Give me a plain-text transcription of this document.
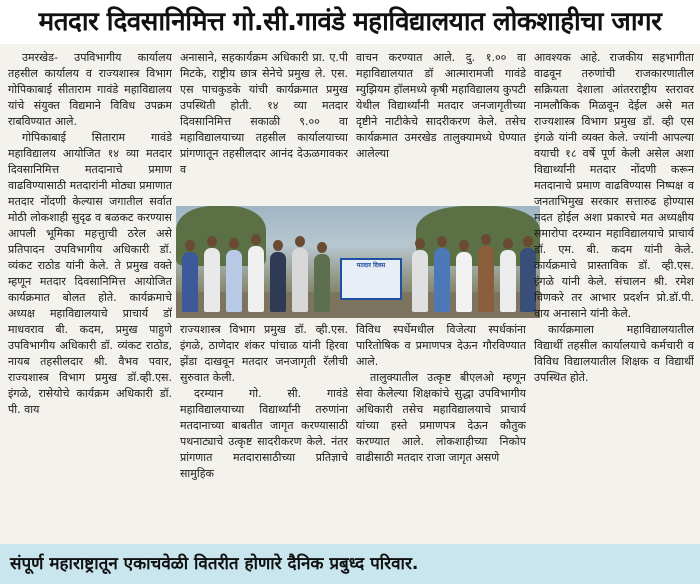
मतदार दिवसानिमित्त गो.सी.गावंडे महाविद्यालयात लोकशाहीचा जागर

उमरखेड- उपविभागीय कार्यालय तहसील कार्यालय व राज्यशास्त्र विभाग गोपिकाबाई सीताराम गावंडे महाविद्यालय यांचे संयुक्त विद्यमाने विविध उपक्रम राबविण्यात आले.

गोपिकाबाई सिताराम गावंडे महाविद्यालय आयोजित १४ व्या मतदार दिवसानिमित्त मतदानाचे प्रमाण वाढविण्यासाठी मतदारांनी मोठ्या प्रमाणात मतदार नोंदणी केल्यास जगातील सर्वात मोठी लोकशाही सुदृढ व बळकट करण्यास आपली भूमिका महत्तुाची ठरेल असे प्रतिपादन उपविभागीय अधिकारी डॉ. व्यंकट राठोड यांनी केले. ते प्रमुख वक्ते म्हणून मतदार दिवसानिमित्त आयोजित कार्यक्रमात बोलत होते. कार्यक्रमाचे अध्यक्ष महाविद्यालयाचे प्राचार्य डॉ माधवराव बी. कदम, प्रमुख पाहुणे उपविभागीय अधिकारी डॉ. व्यंकट राठोड, नायब तहसीलदार श्री. वैभव पवार, राज्यशास्त्र विभाग प्रमुख डॉ.व्ही.एस. इंगळे, रासेयोचे कार्यक्रम अधिकारी डॉ. पी. वाय

अनासाने, सहकार्यक्रम अधिकारी प्रा. ए.पी मिटके, राष्ट्रीय छात्र सेनेचे प्रमुख ले. एस. एस पाचकुडके यांची कार्यक्रमात प्रमुख उपस्थिती होती. १४ व्या मतदार दिवसानिमित्त सकाळी ९.०० वा महाविद्यालयाच्या तहसील कार्यालयाच्या प्रांगणातून तहसीलदार आनंद देऊळगावकर व

वाचन करण्यात आले. दु. १.०० वा महाविद्यालयात डॉ आत्मारामजी गावंडे म्युझियम हॉलमध्ये कृषी महाविद्यालय कुपटी येथील विद्यार्थ्यांनी मतदार जनजागृतीच्या दृष्टीने नाटीकेचे सादरीकरण केले. तसेच कार्यक्रमात उमरखेड तालुक्यामध्ये घेण्यात आलेल्या

मतदार दिवस

आवश्यक आहे. राजकीय सहभागीता वाढवून तरुणांची राजकारणातील सक्रियता देशाला आंतरराष्ट्रीय स्तरावर नामलौकिक मिळवून देईल असे मत राज्यशास्त्र विभाग प्रमुख डॉ. व्ही एस इंगळे यांनी व्यक्त केले. ज्यांनी आपल्या वयाची १८ वर्षे पूर्ण केली असेल अशा विद्यार्थ्यांनी मतदार नोंदणी करून मतदानाचे प्रमाण वाढविण्यास निष्पक्ष व जनताभिमुख सरकार सत्तारुढ होण्यास मदत होईल अशा प्रकारचे मत अध्यक्षीय समारोपा दरम्यान महाविद्यालयाचे प्राचार्य डॉ. एम. बी. कदम यांनी केले. कार्यक्रमाचे प्रास्ताविक डॉ. व्ही.एस. इंगळे यांनी केले. संचालन श्री. रमेश विणकरे तर आभार प्रदर्शन प्रो.डॉ.पी. वाय अनासाने यांनी केले.

कार्यक्रमाला महाविद्यालयातील विद्यार्थी तहसील कार्यालयाचे कर्मचारी व विविध विद्यालयातील शिक्षक व विद्यार्थी उपस्थित होते.

राज्यशास्त्र विभाग प्रमुख डॉ. व्ही.एस. इंगळे, ठाणेदार शंकर पांचाळ यांनी हिरवा झेंडा दाखवून मतदार जनजागृती रॅलीची सुरुवात केली.

दरम्यान गो. सी. गावंडे महाविद्यालयाच्या विद्यार्थ्यांनी तरुणांना मतदानाच्या बाबतीत जागृत करण्यासाठी पथनाट्याचे उत्कृष्ट सादरीकरण केले. नंतर प्रांगणात मतदारासाठीच्या प्रतिज्ञाचे सामुहिक

विविध स्पर्धेमधील विजेत्या स्पर्धकांना पारितोषिक व प्रमाणपत्र देऊन गौरविण्यात आले.

तालुक्यातील उत्कृष्ट बीएलओ म्हणून सेवा केलेल्या शिक्षकांचे सुद्धा उपविभागीय अधिकारी तसेच महाविद्यालयाचे प्राचार्य यांच्या हस्ते प्रमाणपत्र देऊन कौतुक करण्यात आले. लोकशाहीच्या निकोप वाढीसाठी मतदार राजा जागृत असणे

संपूर्ण महाराष्ट्रातून एकाचवेळी वितरीत होणारे दैनिक प्रबुध्द परिवार.
